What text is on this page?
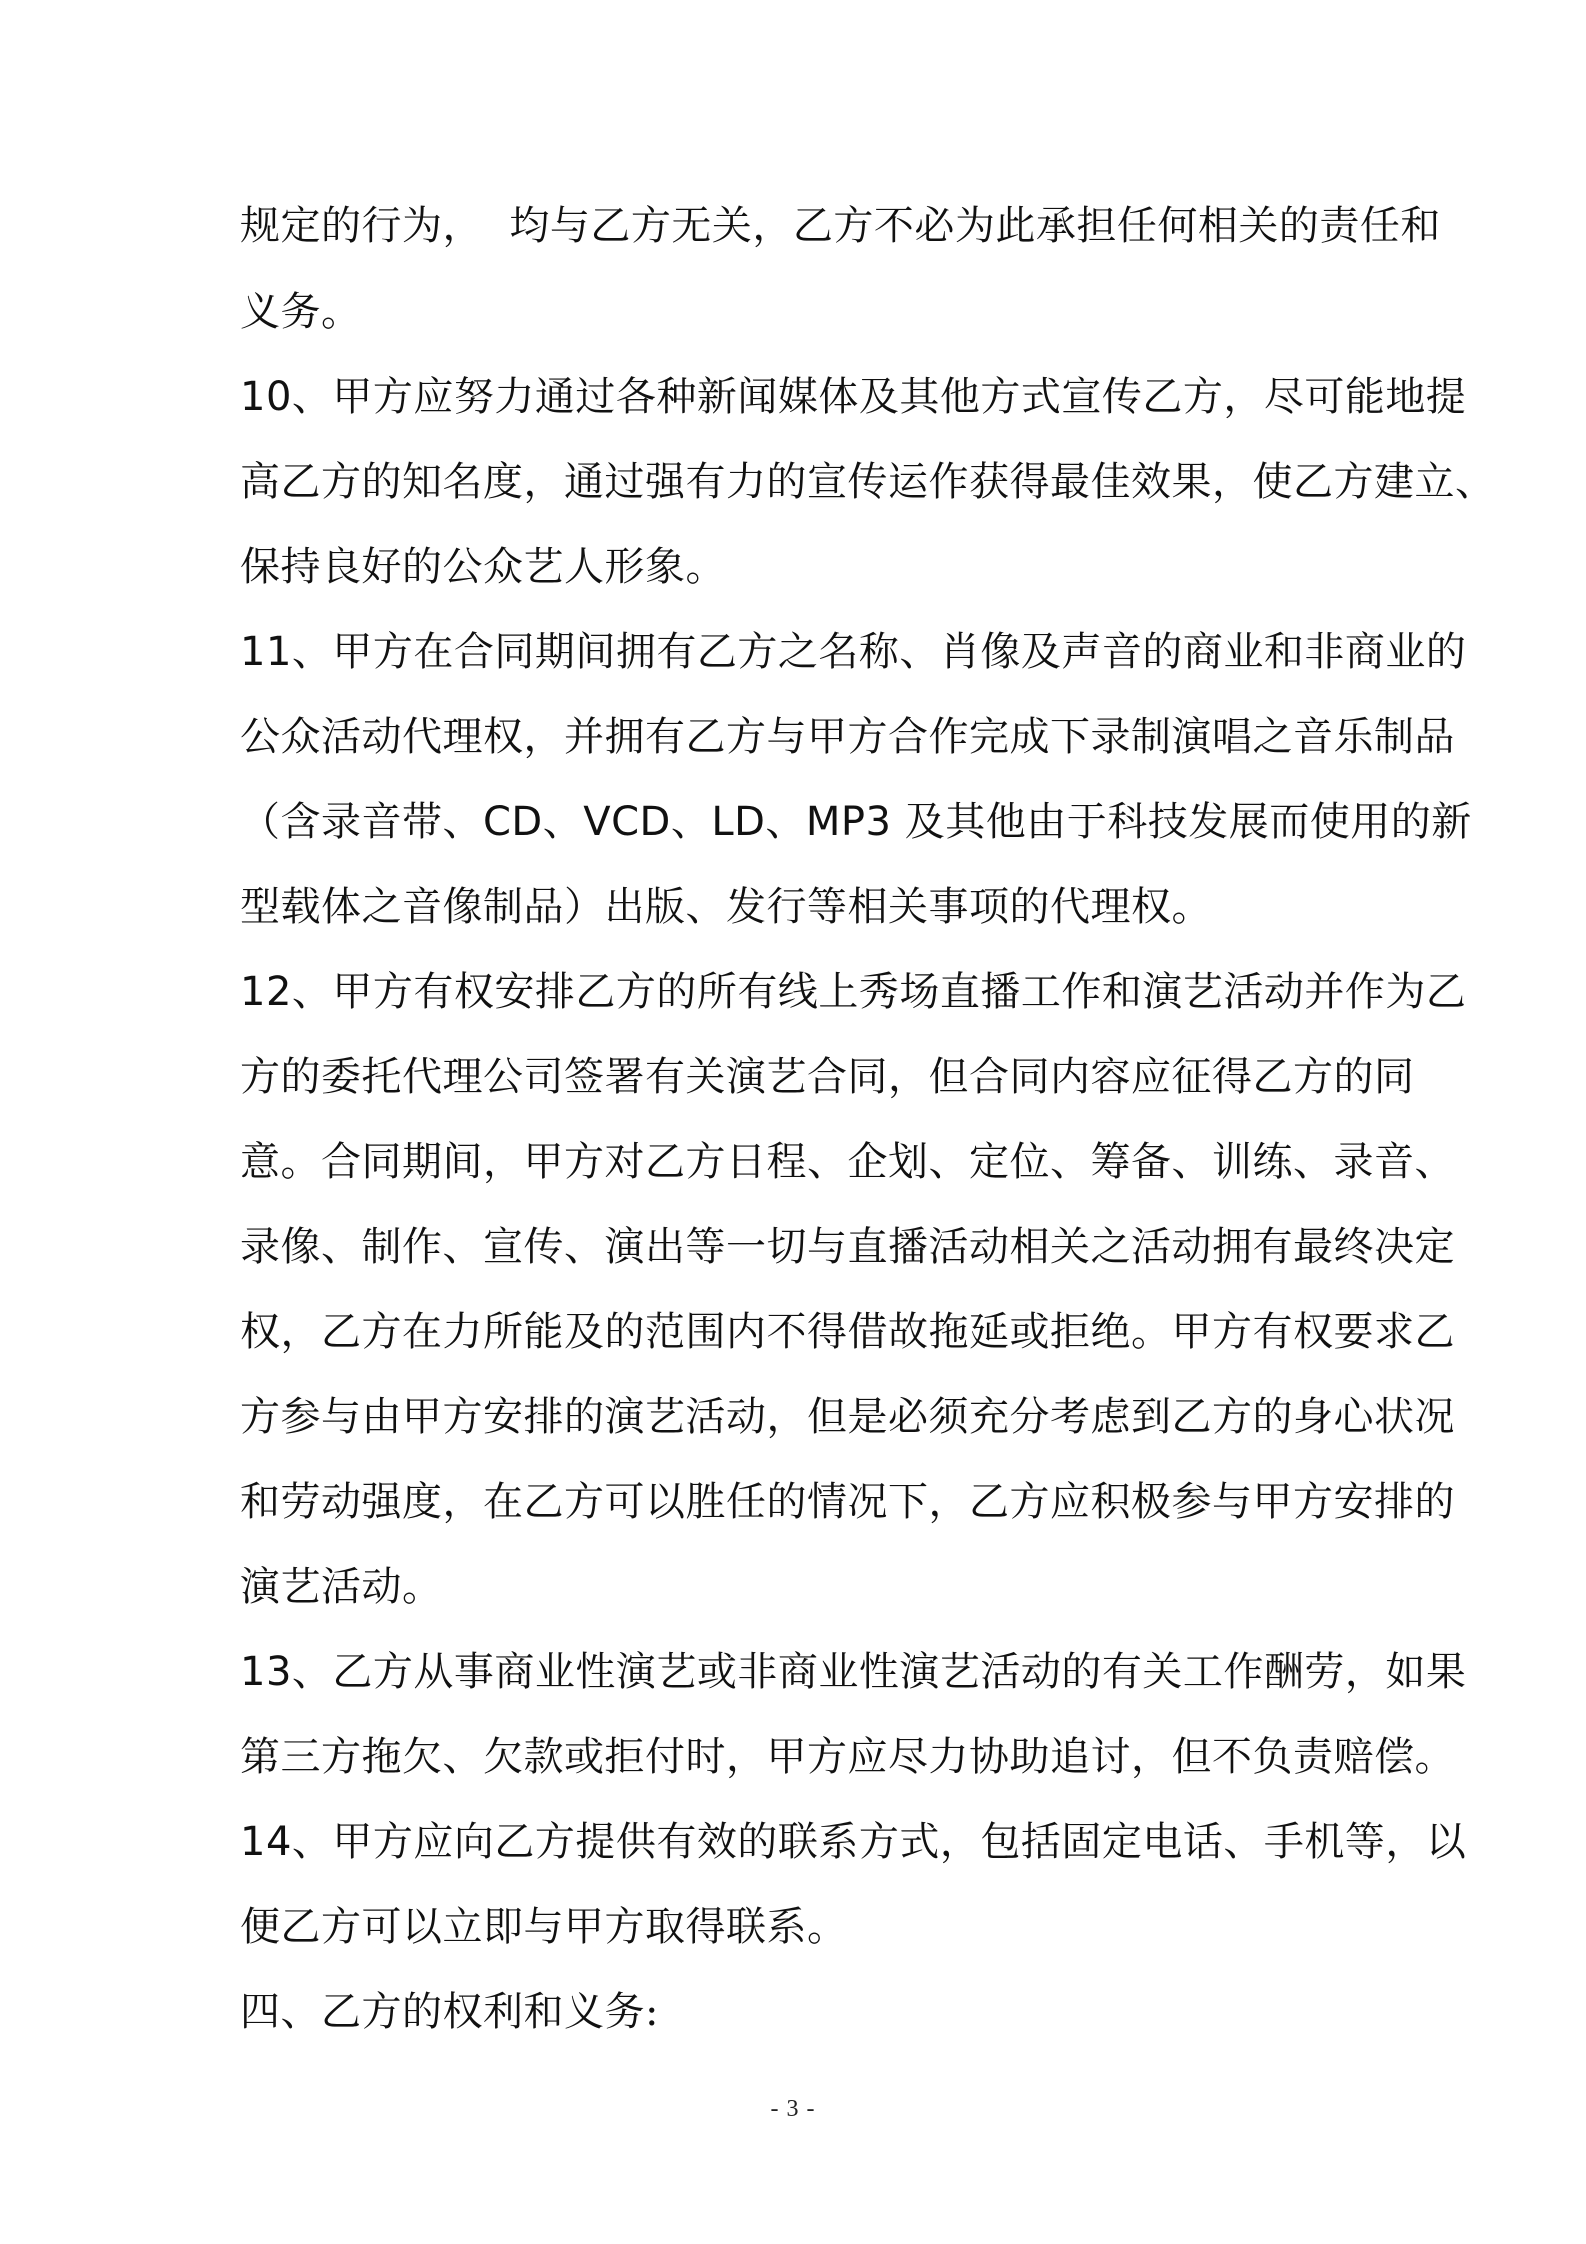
规定的行为，  均与乙方无关，乙方不必为此承担任何相关的责任和
义务。
10、甲方应努力通过各种新闻媒体及其他方式宣传乙方，尽可能地提
高乙方的知名度，通过强有力的宣传运作获得最佳效果，使乙方建立、
保持良好的公众艺人形象。
11、甲方在合同期间拥有乙方之名称、肖像及声音的商业和非商业的
公众活动代理权，并拥有乙方与甲方合作完成下录制演唱之音乐制品
（含录音带、CD、VCD、LD、MP3 及其他由于科技发展而使用的新
型载体之音像制品）出版、发行等相关事项的代理权。
12、甲方有权安排乙方的所有线上秀场直播工作和演艺活动并作为乙
方的委托代理公司签署有关演艺合同，但合同内容应征得乙方的同
意。合同期间，甲方对乙方日程、企划、定位、筹备、训练、录音、
录像、制作、宣传、演出等一切与直播活动相关之活动拥有最终决定
权，乙方在力所能及的范围内不得借故拖延或拒绝。甲方有权要求乙
方参与由甲方安排的演艺活动，但是必须充分考虑到乙方的身心状况
和劳动强度，在乙方可以胜任的情况下，乙方应积极参与甲方安排的
演艺活动。
13、乙方从事商业性演艺或非商业性演艺活动的有关工作酬劳，如果
第三方拖欠、欠款或拒付时，甲方应尽力协助追讨，但不负责赔偿。
14、甲方应向乙方提供有效的联系方式，包括固定电话、手机等，以
便乙方可以立即与甲方取得联系。
四、乙方的权利和义务:
- 3 -
